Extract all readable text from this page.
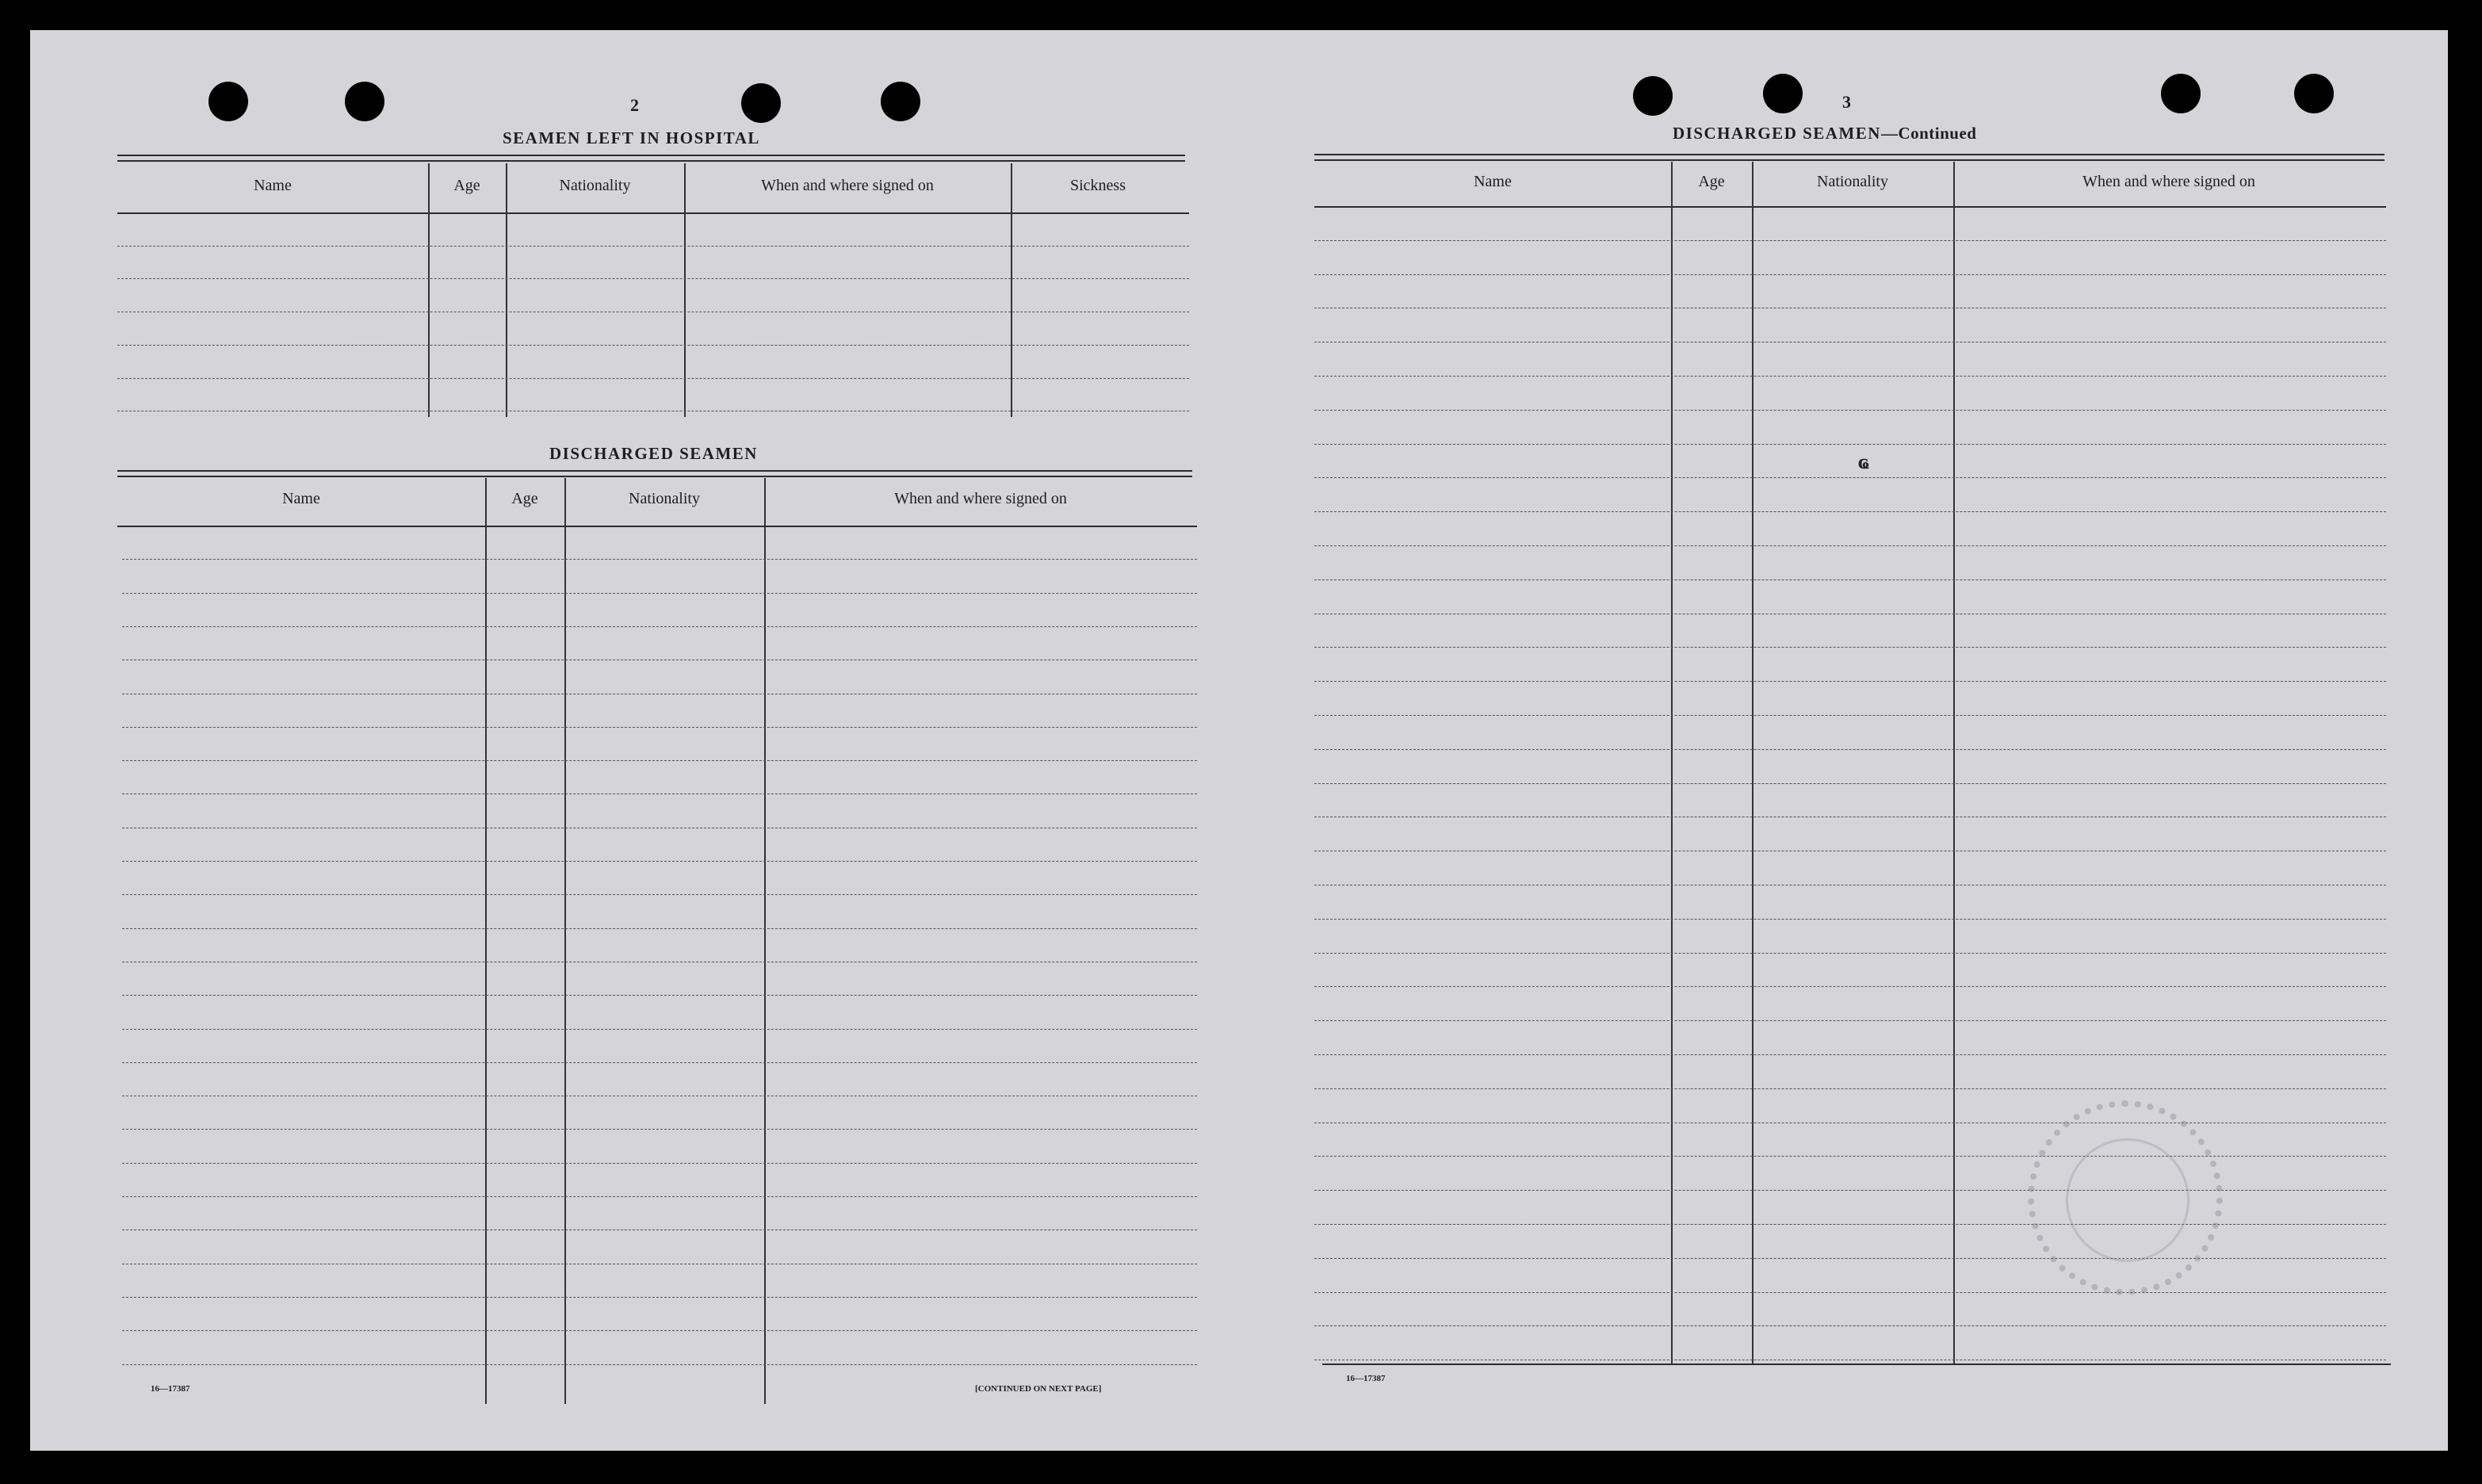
2
SEAMEN LEFT IN HOSPITAL
Name	Age	Nationality	When and where signed on	Sickness
DISCHARGED SEAMEN
Name	Age	Nationality	When and where signed on
16—17387	[CONTINUED ON NEXT PAGE]
3
DISCHARGED SEAMEN—Continued
Name	Age	Nationality	When and where signed on
ҩ
16—17387
